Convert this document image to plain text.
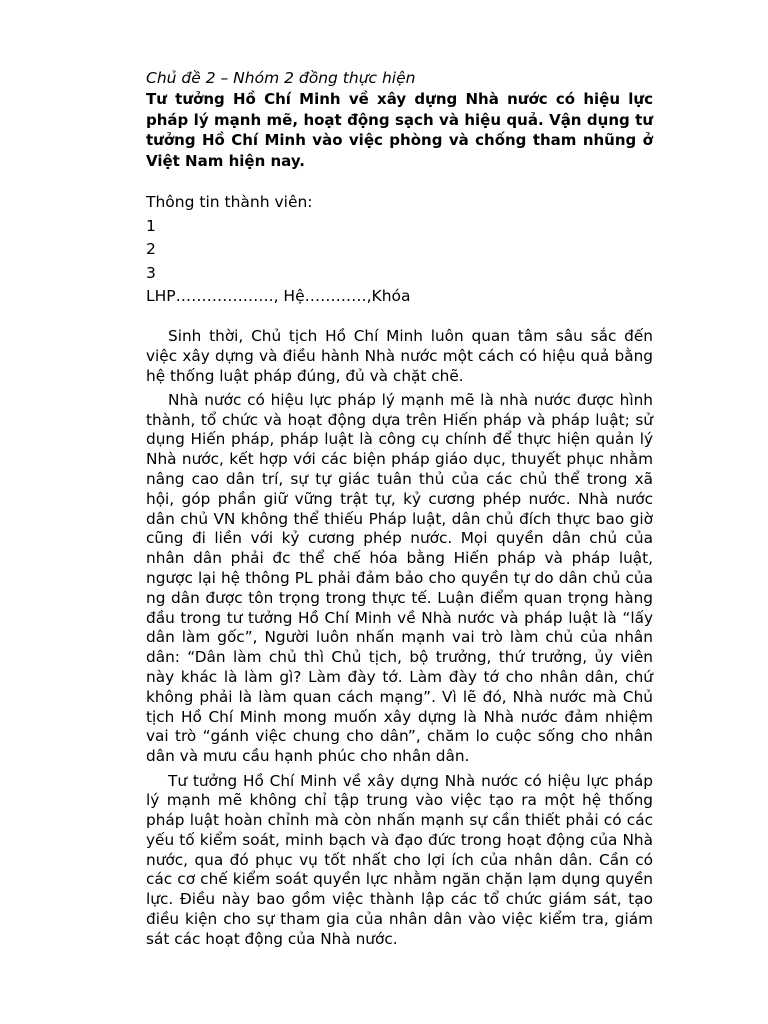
Chủ đề 2 – Nhóm 2 đồng thực hiện

Tư tưởng Hồ Chí Minh về xây dựng Nhà nước có hiệu lực pháp lý mạnh mẽ, hoạt động sạch và hiệu quả. Vận dụng tư tưởng Hồ Chí Minh vào việc phòng và chống tham nhũng ở Việt Nam hiện nay.

Thông tin thành viên:
1
2
3
LHP………………., Hệ…………,Khóa

Sinh thời, Chủ tịch Hồ Chí Minh luôn quan tâm sâu sắc đến việc xây dựng và điều hành Nhà nước một cách có hiệu quả bằng hệ thống luật pháp đúng, đủ và chặt chẽ.

Nhà nước có hiệu lực pháp lý mạnh mẽ là nhà nước được hình thành, tổ chức và hoạt động dựa trên Hiến pháp và pháp luật; sử dụng Hiến pháp, pháp luật là công cụ chính để thực hiện quản lý Nhà nước, kết hợp với các biện pháp giáo dục, thuyết phục nhằm nâng cao dân trí, sự tự giác tuân thủ của các chủ thể trong xã hội, góp phần giữ vững trật tự, kỷ cương phép nước. Nhà nước dân chủ VN không thể thiếu Pháp luật, dân chủ đích thực bao giờ cũng đi liền với kỷ cương phép nước. Mọi quyền dân chủ của nhân dân phải đc thể chế hóa bằng Hiến pháp và pháp luật, ngược lại hệ thông PL phải đảm bảo cho quyền tự do dân chủ của ng dân được tôn trọng trong thực tế. Luận điểm quan trọng hàng đầu trong tư tưởng Hồ Chí Minh về Nhà nước và pháp luật là “lấy dân làm gốc”, Người luôn nhấn mạnh vai trò làm chủ của nhân dân: “Dân làm chủ thì Chủ tịch, bộ trưởng, thứ trưởng, ủy viên này khác là làm gì? Làm đày tớ. Làm đày tớ cho nhân dân, chứ không phải là làm quan cách mạng”. Vì lẽ đó, Nhà nước mà Chủ tịch Hồ Chí Minh mong muốn xây dựng là Nhà nước đảm nhiệm vai trò “gánh việc chung cho dân”, chăm lo cuộc sống cho nhân dân và mưu cầu hạnh phúc cho nhân dân.

Tư tưởng Hồ Chí Minh về xây dựng Nhà nước có hiệu lực pháp lý mạnh mẽ không chỉ tập trung vào việc tạo ra một hệ thống pháp luật hoàn chỉnh mà còn nhấn mạnh sự cần thiết phải có các yếu tố kiểm soát, minh bạch và đạo đức trong hoạt động của Nhà nước, qua đó phục vụ tốt nhất cho lợi ích của nhân dân. Cần có các cơ chế kiểm soát quyền lực nhằm ngăn chặn lạm dụng quyền lực. Điều này bao gồm việc thành lập các tổ chức giám sát, tạo điều kiện cho sự tham gia của nhân dân vào việc kiểm tra, giám sát các hoạt động của Nhà nước.
